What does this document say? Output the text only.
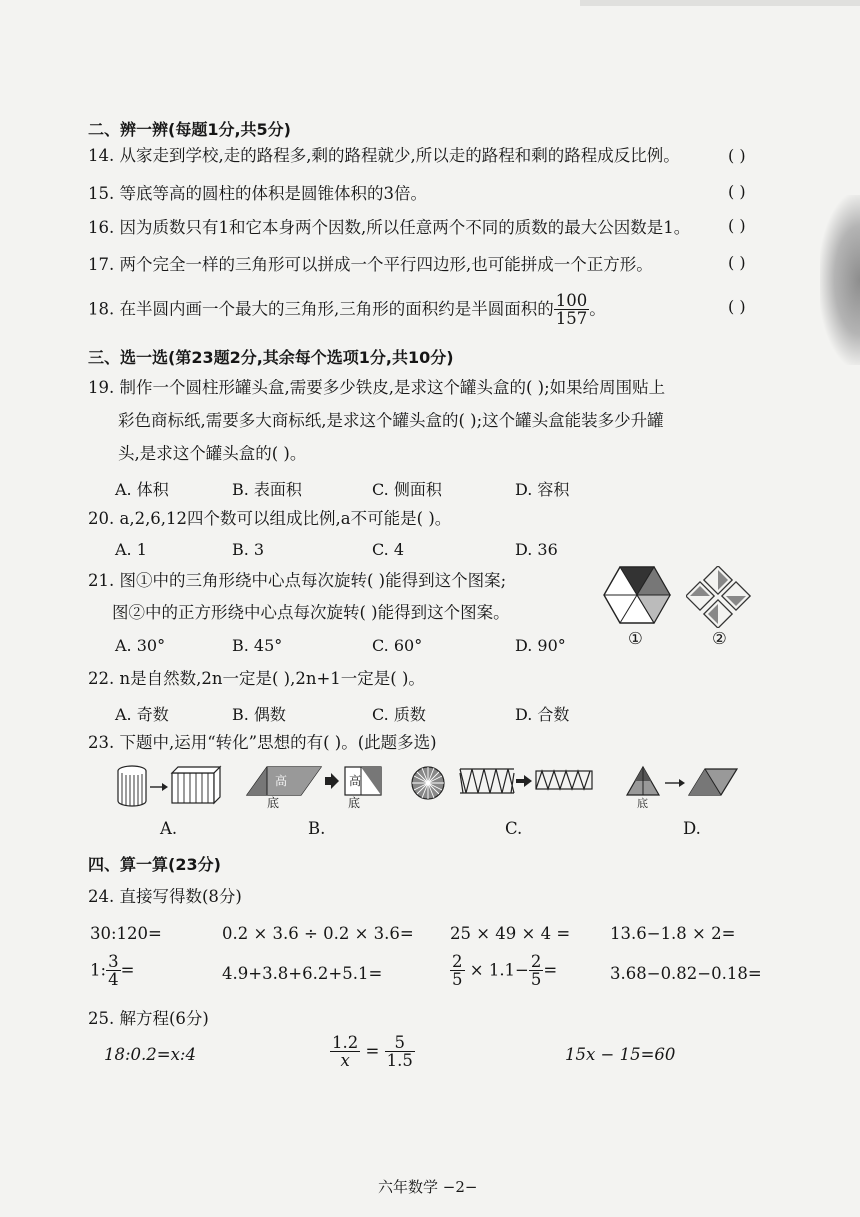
二、辨一辨(每题1分,共5分)
14. 从家走到学校,走的路程多,剩的路程就少,所以走的路程和剩的路程成反比例。	( )
15. 等底等高的圆柱的体积是圆锥体积的3倍。	( )
16. 因为质数只有1和它本身两个因数,所以任意两个不同的质数的最大公因数是1。 ( )
17. 两个完全一样的三角形可以拼成一个平行四边形,也可能拼成一个正方形。	( )
18. 在半圆内画一个最大的三角形,三角形的面积约是半圆面积的 $\frac{100}{157}$ 。	( )
三、选一选(第23题2分,其余每个选项1分,共10分)
19. 制作一个圆柱形罐头盒,需要多少铁皮,是求这个罐头盒的( );如果给周围贴上
彩色商标纸,需要多大商标纸,是求这个罐头盒的( );这个罐头盒能装多少升罐
头,是求这个罐头盒的( )。
A. 体积	B. 表面积	C. 侧面积	D. 容积
20. a,2,6,12四个数可以组成比例,a不可能是( )。
A. 1	B. 3	C. 4	D. 36
21. 图①中的三角形绕中心点每次旋转( )能得到这个图案;
图②中的正方形绕中心点每次旋转( )能得到这个图案。
A. 30°	B. 45°	C. 60°	D. 90°	①	②
22. n是自然数,2n一定是( ),2n+1一定是( )。
A. 奇数	B. 偶数	C. 质数	D. 合数
23. 下题中,运用“转化”思想的有( )。(此题多选)
高	高
底	底	底
A.	B.	C.	D.
四、算一算(23分)
24. 直接写得数(8分)
30:120=	0.2 × 3.6 ÷ 0.2 × 3.6= 25 × 49 × 4 = 13.6−1.8 × 2=
1: $\frac{3}{4}$ =	4.9+3.8+6.2+5.1=	$\frac{2}{5} \times 1.1- \frac{2}{5}$ =	3.68−0.82−0.18=
25. 解方程(6分)
18:0.2=x:4	$\frac{1.2}{x} = \frac{5}{1.5}$	15x − 15=60
六年数学 −2−
